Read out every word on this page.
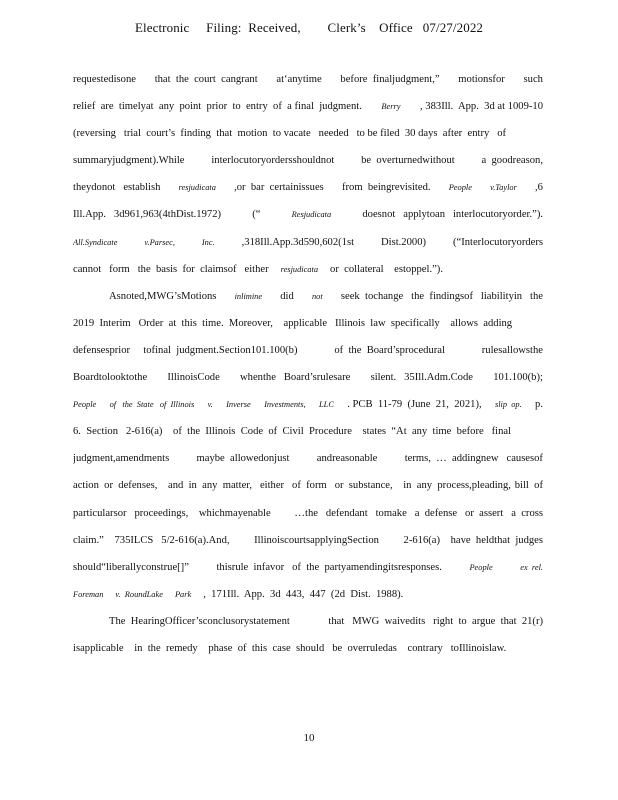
Electronic     Filing:  Received,        Clerk’s    Office   07/27/2022
requestedisone that  the  court  cangrant at‘anytime before  finaljudgment,” motionsfor such
relief  are  timelyat  any  point  prior  to  entry  of  a final  judgment. Berry , 383Ill.  App.  3d at 1009-10
(reversing   trial  court’s  finding  that  motion  to vacate   needed   to be filed  30 days  after  entry   of
summaryjudgment).While	interlocutoryordersshouldnot	be  overturnedwithout	a  goodreason,
theydonot   establish resjudicata ,or  bar  certainissues from  beingrevisited. People v.Taylor ,6
Ill.App.   3d961,963(4thDist.1972)	(“	Resjudicata	doesnot   applytoan   interlocutoryorder.”).
All.Syndicate	v.Parsec,	Inc.	,318Ill.App.3d590,602(1st	Dist.2000)	(“Interlocutoryorders
cannot   form   the  basis  for  claimsof   either resjudicata or  collateral    estoppel.”).
Asnoted,MWG’sMotions inlimine did not seek  tochange   the  findingsof   liabilityin   the
2019  Interim   Order  at  this  time.  Moreover,    applicable   Illinois  law  specifically    allows  adding
defensesprior     tofinal  judgment.Section101.100(b)	of  the  Board’sprocedural	rulesallowsthe
Boardtolooktothe IllinoisCode whenthe   Board’srulesare silent.   35Ill.Adm.Code 101.100(b);
People of   the  State   of  Illinois v. Inverse Investments, LLC . PCB  11-79  (June  21,  2021), slip  op. p.
6.  Section   2-616(a)    of  the  Illinois  Code  of  Civil  Procedure    states  “At  any  time  before   final
judgment,amendments	maybe  allowedonjust	andreasonable	terms,  …  addingnew   causesof
action  or  defenses,    and  in  any  matter,   either   of  form   or  substance,    in  any  process,pleading, bill  of
particularsor   proceedings,    whichmayenable …the   defendant   tomake   a  defense   or  assert   a  cross
claim.”    735ILCS   5/2-616(a).And, IllinoiscourtsapplyingSection 2-616(a)    have  heldthat  judges
should“liberallyconstrue[]”	thisrule  infavor   of  the  partyamendingitsresponses.	People	ex  rel.
Foreman v.  RoundLake Park ,  171Ill.  App.  3d  443,  447  (2d  Dist.  1988).
The  HearingOfficer’sconclusorystatement	that   MWG  waivedits   right  to  argue  that  21(r)
isapplicable    in  the  remedy    phase  of  this  case  should   be  overruledas    contrary   toIllinoislaw.
10
